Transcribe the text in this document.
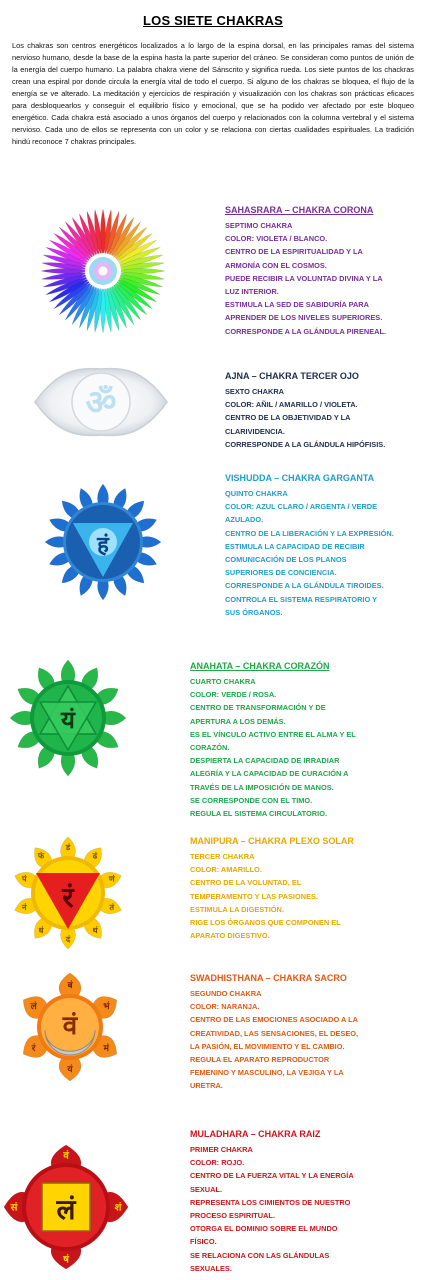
LOS SIETE CHAKRAS
Los chakras son centros energéticos localizados a lo largo de la espina dorsal, en las principales ramas del sistema nervioso humano, desde la base de la espina hasta la parte superior del cráneo. Se consideran como puntos de unión de la energía del cuerpo humano. La palabra chakra viene del Sánscrito y significa rueda. Los siete puntos de los chackras crean una espiral por donde circula la energía vital de todo el cuerpo. Si alguno de los chakras se bloquea, el flujo de la energía se ve alterado. La meditación y ejercicios de respiración y visualización con los chakras son prácticas eficaces para desbloquearlos y conseguir el equilibrio físico y emocional, que se ha podido ver afectado por este bloqueo energético. Cada chakra está asociado a unos órganos del cuerpo y relacionados con la columna vertebral y el sistema nervioso. Cada uno de ellos se representa con un color y se relaciona con ciertas cualidades espirituales. La tradición hindú reconoce 7 chakras principales.
ॐ
हं
यं
डं
ढं
णं
तं
थं
दं
धं
नं
पं
फं
रं
बं
भं
मं
यं
रं
लं
वं
वं
शं
षं
सं लं
SAHASRARA – CHAKRA CORONA
SEPTIMO CHAKRA
COLOR: VIOLETA / BLANCO.
CENTRO DE LA ESPIRITUALIDAD Y LA
ARMONÍA CON EL COSMOS.
PUEDE RECIBIR LA VOLUNTAD DIVINA Y LA
LUZ INTERIOR.
ESTIMULA LA SED DE SABIDURÍA PARA
APRENDER DE LOS NIVELES SUPERIORES.
CORRESPONDE A LA GLÁNDULA PIRENEAL.
AJNA – CHAKRA TERCER OJO
SEXTO CHAKRA
COLOR: AÑIL / AMARILLO / VIOLETA.
CENTRO DE LA OBJETIVIDAD Y LA
CLARIVIDENCIA.
CORRESPONDE A LA GLÁNDULA HIPÓFISIS.
VISHUDDA – CHAKRA GARGANTA
QUINTO CHAKRA
COLOR: AZUL CLARO / ARGENTA / VERDE
AZULADO.
CENTRO DE LA LIBERACIÓN Y LA EXPRESIÓN.
ESTIMULA LA CAPACIDAD DE RECIBIR
COMUNICACIÓN DE LOS PLANOS
SUPERIORES DE CONCIENCIA.
CORRESPONDE A LA GLÁNDULA TIROIDES.
CONTROLA EL SISTEMA RESPIRATORIO Y
SUS ÓRGANOS.
ANAHATA – CHAKRA CORAZÓN
CUARTO CHAKRA
COLOR: VERDE / ROSA.
CENTRO DE TRANSFORMACIÓN Y DE
APERTURA A LOS DEMÁS.
ES EL VÍNCULO ACTIVO ENTRE EL ALMA Y EL
CORAZÓN.
DESPIERTA LA CAPACIDAD DE IRRADIAR
ALEGRÍA Y LA CAPACIDAD DE CURACIÓN A
TRAVÉS DE LA IMPOSICIÓN DE MANOS.
SE CORRESPONDE CON EL TIMO.
REGULA EL SISTEMA CIRCULATORIO.
MANIPURA – CHAKRA PLEXO SOLAR
TERCER CHAKRA
COLOR: AMARILLO.
CENTRO DE LA VOLUNTAD, EL
TEMPERAMENTO Y LAS PASIONES.
ESTIMULA LA DIGESTIÓN.
RIGE LOS ÓRGANOS QUE COMPONEN EL
APARATO DIGESTIVO.
SWADHISTHANA – CHAKRA SACRO
SEGUNDO CHAKRA
COLOR: NARANJA.
CENTRO DE LAS EMOCIONES ASOCIADO A LA
CREATIVIDAD, LAS SENSACIONES, EL DESEO,
LA PASIÓN, EL MOVIMIENTO Y EL CAMBIO.
REGULA EL APARATO REPRODUCTOR
FEMENINO Y MASCULINO, LA VEJIGA Y LA
URETRA.
MULADHARA – CHAKRA RAIZ
PRIMER CHAKRA
COLOR: ROJO.
CENTRO DE LA FUERZA VITAL Y LA ENERGÍA
SEXUAL.
REPRESENTA LOS CIMIENTOS DE NUESTRO
PROCESO ESPIRITUAL.
OTORGA EL DOMINIO SOBRE EL MUNDO
FÍSICO.
SE RELACIONA CON LAS GLÁNDULAS
SEXUALES.
